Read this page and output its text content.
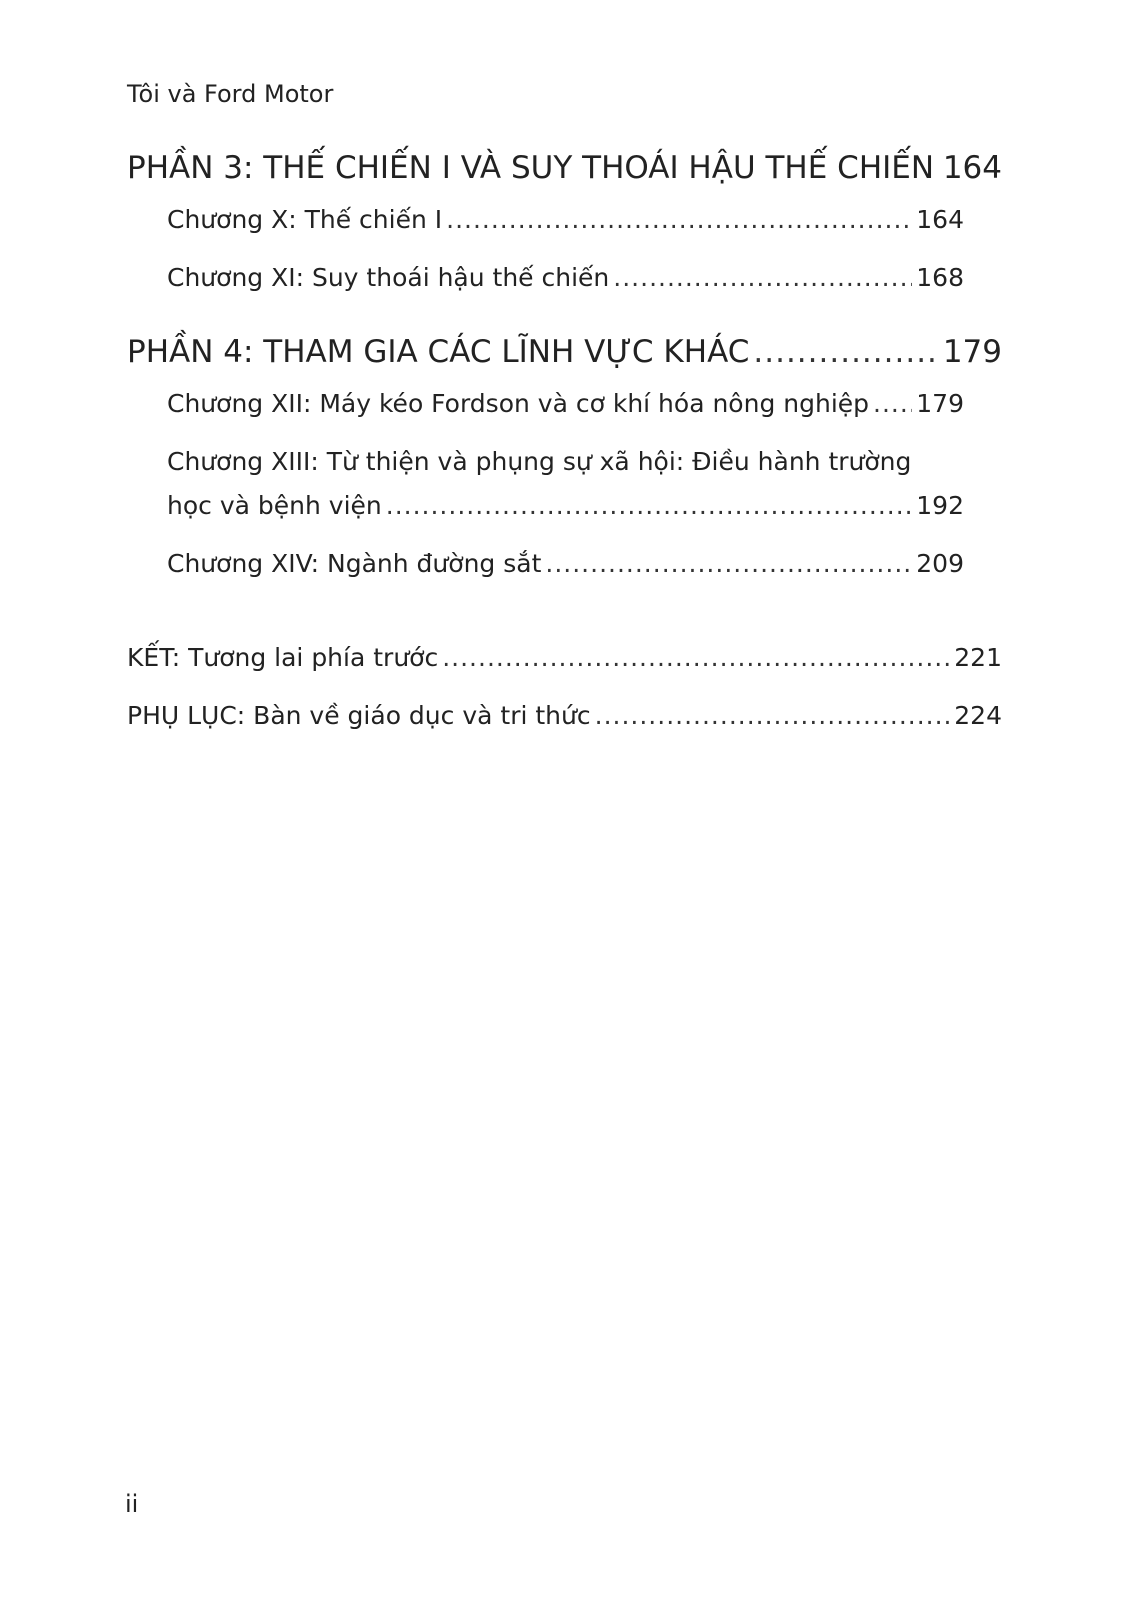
Tôi và Ford Motor
PHẦN 3: THẾ CHIẾN I VÀ SUY THOÁI HẬU THẾ CHIẾN ..... 164
Chương X: Thế chiến I .....	164
Chương XI: Suy thoái hậu thế chiến .....	168
PHẦN 4: THAM GIA CÁC LĨNH VỰC KHÁC .....	179
Chương XII: Máy kéo Fordson và cơ khí hóa nông nghiệp ..... 179
Chương XIII: Từ thiện và phụng sự xã hội: Điều hành trường
học và bệnh viện .....	192
Chương XIV: Ngành đường sắt .....	209
KẾT: Tương lai phía trước .....	221
PHỤ LỤC: Bàn về giáo dục và tri thức .....	224
ii
